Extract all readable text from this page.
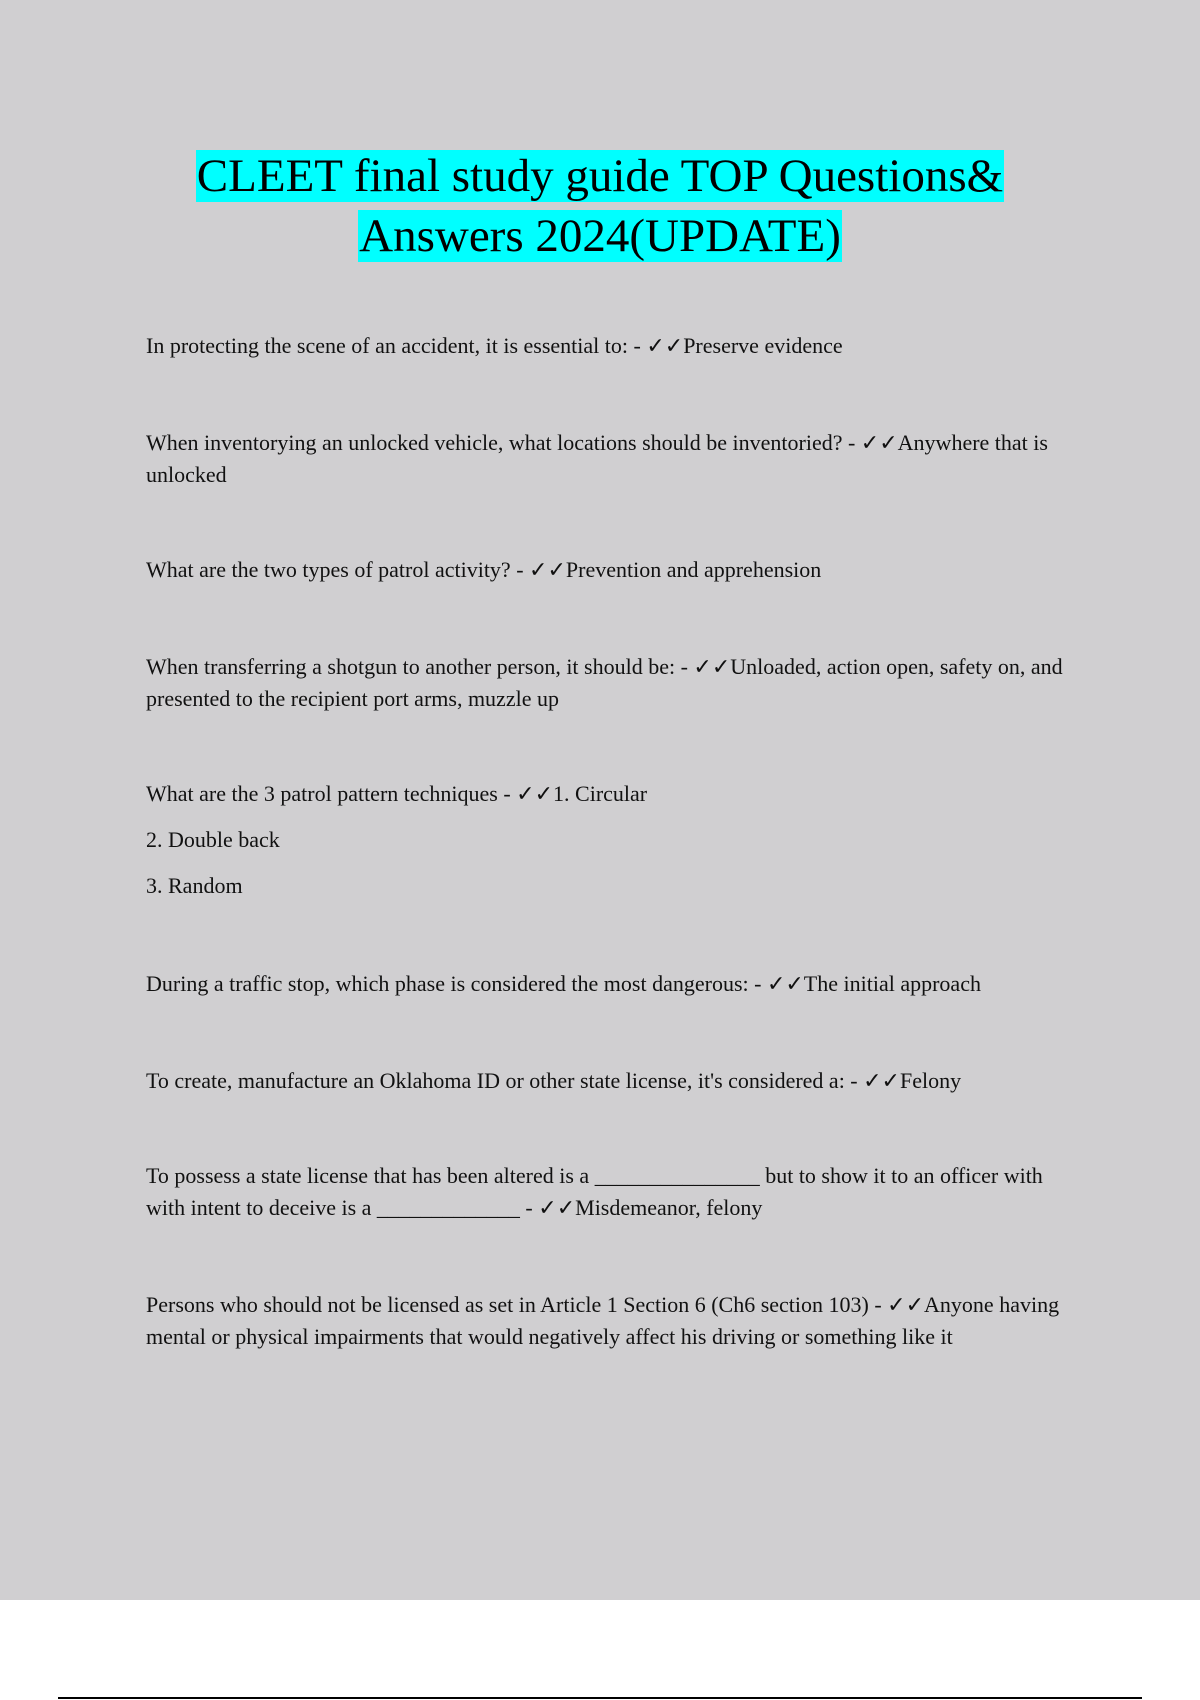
CLEET final study guide TOP Questions&
Answers 2024(UPDATE)

In protecting the scene of an accident, it is essential to: - ✓✓Preserve evidence

When inventorying an unlocked vehicle, what locations should be inventoried? - ✓✓Anywhere that is unlocked

What are the two types of patrol activity? - ✓✓Prevention and apprehension

When transferring a shotgun to another person, it should be: - ✓✓Unloaded, action open, safety on, and presented to the recipient port arms, muzzle up

What are the 3 patrol pattern techniques - ✓✓1. Circular

2. Double back

3. Random

During a traffic stop, which phase is considered the most dangerous: - ✓✓The initial approach

To create, manufacture an Oklahoma ID or other state license, it's considered a: - ✓✓Felony

To possess a state license that has been altered is a _______________ but to show it to an officer with with intent to deceive is a _____________ - ✓✓Misdemeanor, felony

Persons who should not be licensed as set in Article 1 Section 6 (Ch6 section 103) - ✓✓Anyone having mental or physical impairments that would negatively affect his driving or something like it
